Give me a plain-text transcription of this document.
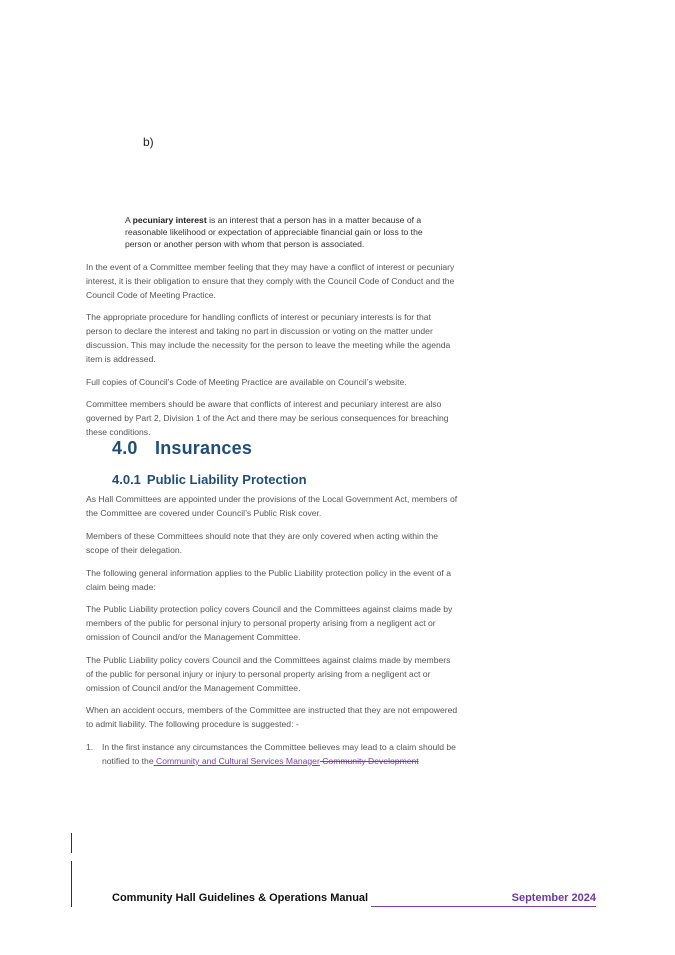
b)
A pecuniary interest is an interest that a person has in a matter because of a reasonable likelihood or expectation of appreciable financial gain or loss to the person or another person with whom that person is associated.
In the event of a Committee member feeling that they may have a conflict of interest or pecuniary interest, it is their obligation to ensure that they comply with the Council Code of Conduct and the Council Code of Meeting Practice.
The appropriate procedure for handling conflicts of interest or pecuniary interests is for that person to declare the interest and taking no part in discussion or voting on the matter under discussion. This may include the necessity for the person to leave the meeting while the agenda item is addressed.
Full copies of Council’s Code of Meeting Practice are available on Council’s website.
Committee members should be aware that conflicts of interest and pecuniary interest are also governed by Part 2, Division 1 of the Act and there may be serious consequences for breaching these conditions.
4.0 Insurances
4.0.1 Public Liability Protection
As Hall Committees are appointed under the provisions of the Local Government Act, members of the Committee are covered under Council’s Public Risk cover.
Members of these Committees should note that they are only covered when acting within the scope of their delegation.
The following general information applies to the Public Liability protection policy in the event of a claim being made:
The Public Liability protection policy covers Council and the Committees against claims made by members of the public for personal injury to personal property arising from a negligent act or omission of Council and/or the Management Committee.
The Public Liability policy covers Council and the Committees against claims made by members of the public for personal injury or injury to personal property arising from a negligent act or omission of Council and/or the Management Committee.
When an accident occurs, members of the Committee are instructed that they are not empowered to admit liability. The following procedure is suggested: -
1. In the first instance any circumstances the Committee believes may lead to a claim should be notified to the Community and Cultural Services Manager Community Development
Community Hall Guidelines & Operations Manual	September 2024
